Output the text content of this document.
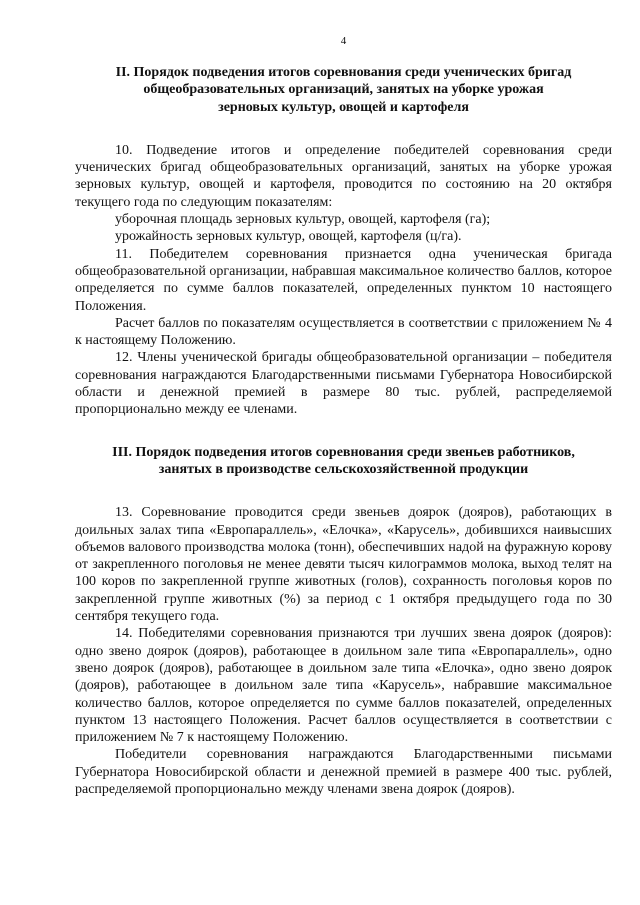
4
II. Порядок подведения итогов соревнования среди ученических бригад
общеобразовательных организаций, занятых на уборке урожая
зерновых культур, овощей и картофеля

10. Подведение итогов и определение победителей соревнования среди ученических бригад общеобразовательных организаций, занятых на уборке урожая зерновых культур, овощей и картофеля, проводится по состоянию на 20 октября текущего года по следующим показателям:

уборочная площадь зерновых культур, овощей, картофеля (га);

урожайность зерновых культур, овощей, картофеля (ц/га).

11. Победителем соревнования признается одна ученическая бригада общеобразовательной организации, набравшая максимальное количество баллов, которое определяется по сумме баллов показателей, определенных пунктом 10 настоящего Положения.

Расчет баллов по показателям осуществляется в соответствии с приложением № 4 к настоящему Положению.

12. Члены ученической бригады общеобразовательной организации – победителя соревнования награждаются Благодарственными письмами Губернатора Новосибирской области и денежной премией в размере 80 тыс. рублей, распределяемой пропорционально между ее членами.

III. Порядок подведения итогов соревнования среди звеньев работников,
занятых в производстве сельскохозяйственной продукции

13. Соревнование проводится среди звеньев доярок (дояров), работающих в доильных залах типа «Европараллель», «Елочка», «Карусель», добившихся наивысших объемов валового производства молока (тонн), обеспечивших надой на фуражную корову от закрепленного поголовья не менее девяти тысяч килограммов молока, выход телят на 100 коров по закрепленной группе животных (голов), сохранность поголовья коров по закрепленной группе животных (%) за период с 1 октября предыдущего года по 30 сентября текущего года.

14. Победителями соревнования признаются три лучших звена доярок (дояров): одно звено доярок (дояров), работающее в доильном зале типа «Европараллель», одно звено доярок (дояров), работающее в доильном зале типа «Елочка», одно звено доярок (дояров), работающее в доильном зале типа «Карусель», набравшие максимальное количество баллов, которое определяется по сумме баллов показателей, определенных пунктом 13 настоящего Положения. Расчет баллов осуществляется в соответствии с приложением № 7 к настоящему Положению.

Победители соревнования награждаются Благодарственными письмами Губернатора Новосибирской области и денежной премией в размере 400 тыс. рублей, распределяемой пропорционально между членами звена доярок (дояров).
